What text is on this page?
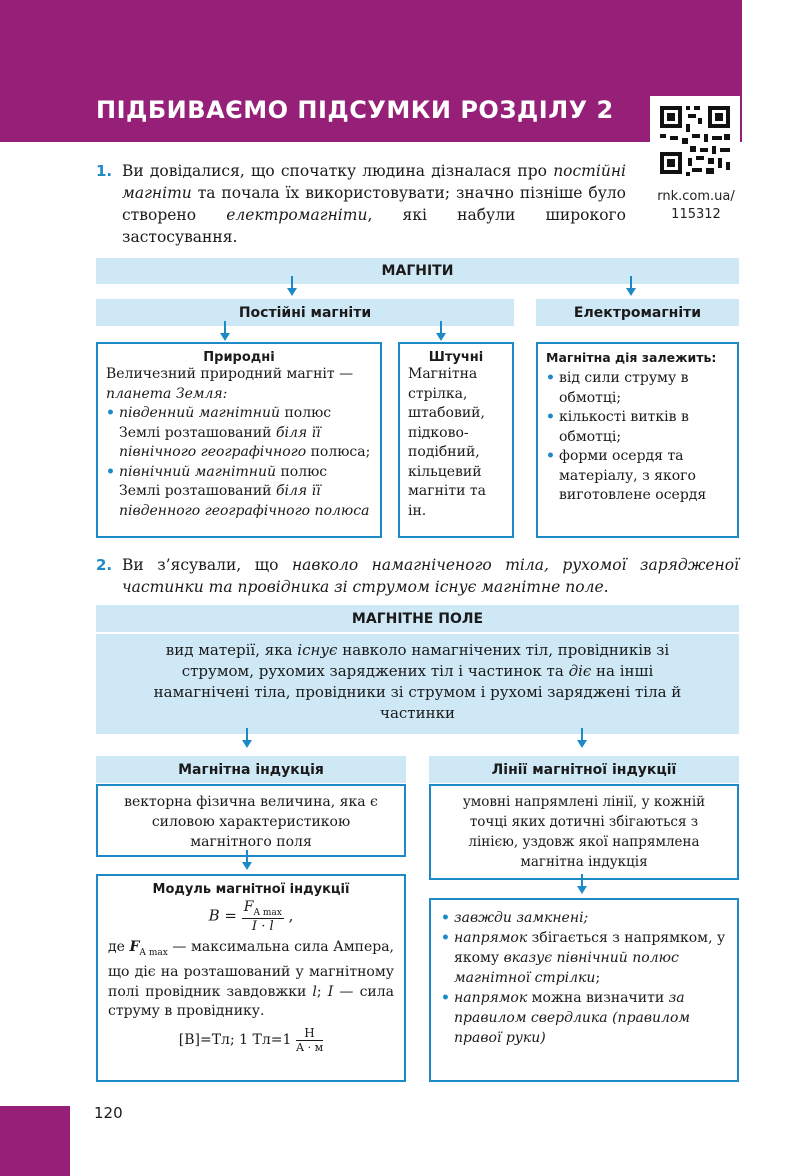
ПІДБИВАЄМО ПІДСУМКИ РОЗДІЛУ 2
rnk.com.ua/
115312
1. Ви довідалися, що спочатку людина дізналася про постійні магніти та почала їх використовувати; значно пізніше було створено електромагніти, які набули широкого застосування.
МАГНІТИ
Постійні магніти	Електромагніти
Природні
Величезний природний магніт — планета Земля:
• південний магнітний полюс Землі розташований біля її північного географічного полюса;
• північний магнітний полюс Землі розташований біля її південного географічного полюса
Штучні
Магнітна стрілка, штабовий, підковоподібний, кільцевий магніти та ін.
Магнітна дія залежить:
• від сили струму в обмотці;
• кількості витків в обмотці;
• форми осердя та матеріалу, з якого виготовлене осердя
2. Ви з’ясували, що навколо намагніченого тіла, рухомої зарядженої частинки та провідника зі струмом існує магнітне поле.
МАГНІТНЕ ПОЛЕ
вид матерії, яка існує навколо намагнічених тіл, провідників зі струмом, рухомих заряджених тіл і частинок та діє на інші намагнічені тіла, провідники зі струмом і рухомі заряджені тіла й частинки
Магнітна індукція
векторна фізична величина, яка є силовою характеристикою магнітного поля
Модуль магнітної індукції
$B = \frac{F_{A max}}{I \cdot l}$ ,
де $F_{A max}$ — максимальна сила Ампера, що діє на розташований у магнітному полі провідник завдовжки l; I — сила струму в провіднику.
[B]=Тл; 1 $Тл=1 \frac{Н}{А \cdot м}$
Лінії магнітної індукції
умовні напрямлені лінії, у кожній точці яких дотичні збігаються з лінією, уздовж якої напрямлена магнітна індукція
• завжди замкнені;
• напрямок збігається з напрямком, у якому вказує північний полюс магнітної стрілки;
• напрямок можна визначити за правилом свердлика (правилом правої руки)
120
